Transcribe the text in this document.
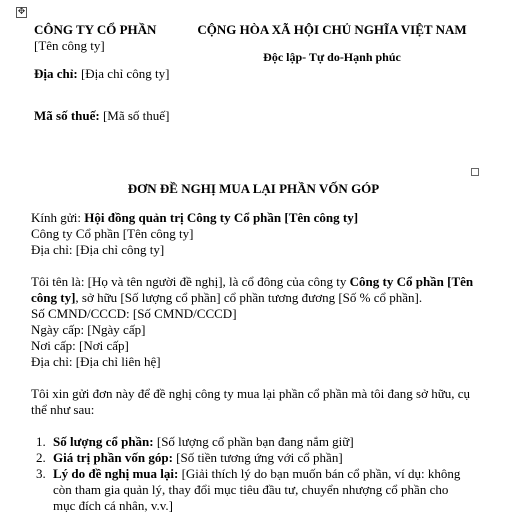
✥
CÔNG TY CỔ PHẦN
[Tên công ty]
Địa chỉ: [Địa chỉ công ty]
Mã số thuế: [Mã số thuế]
CỘNG HÒA XÃ HỘI CHỦ NGHĨA VIỆT NAM
Độc lập- Tự do-Hạnh phúc
ĐƠN ĐỀ NGHỊ MUA LẠI PHẦN VỐN GÓP

Kính gửi: Hội đồng quản trị Công ty Cổ phần [Tên công ty]

Công ty Cổ phần [Tên công ty]

Địa chỉ: [Địa chỉ công ty]

Tôi tên là: [Họ và tên người đề nghị], là cổ đông của công ty Công ty Cổ phần [Tên công ty], sở hữu [Số lượng cổ phần] cổ phần tương đương [Số % cổ phần].

Số CMND/CCCD: [Số CMND/CCCD]

Ngày cấp: [Ngày cấp]

Nơi cấp: [Nơi cấp]

Địa chỉ: [Địa chỉ liên hệ]

Tôi xin gửi đơn này để đề nghị công ty mua lại phần cổ phần mà tôi đang sở hữu, cụ thể như sau:

1. Số lượng cổ phần: [Số lượng cổ phần bạn đang nắm giữ]
2. Giá trị phần vốn góp: [Số tiền tương ứng với cổ phần]
3. Lý do đề nghị mua lại: [Giải thích lý do bạn muốn bán cổ phần, ví dụ: không còn tham gia quản lý, thay đổi mục tiêu đầu tư, chuyển nhượng cổ phần cho mục đích cá nhân, v.v.]
